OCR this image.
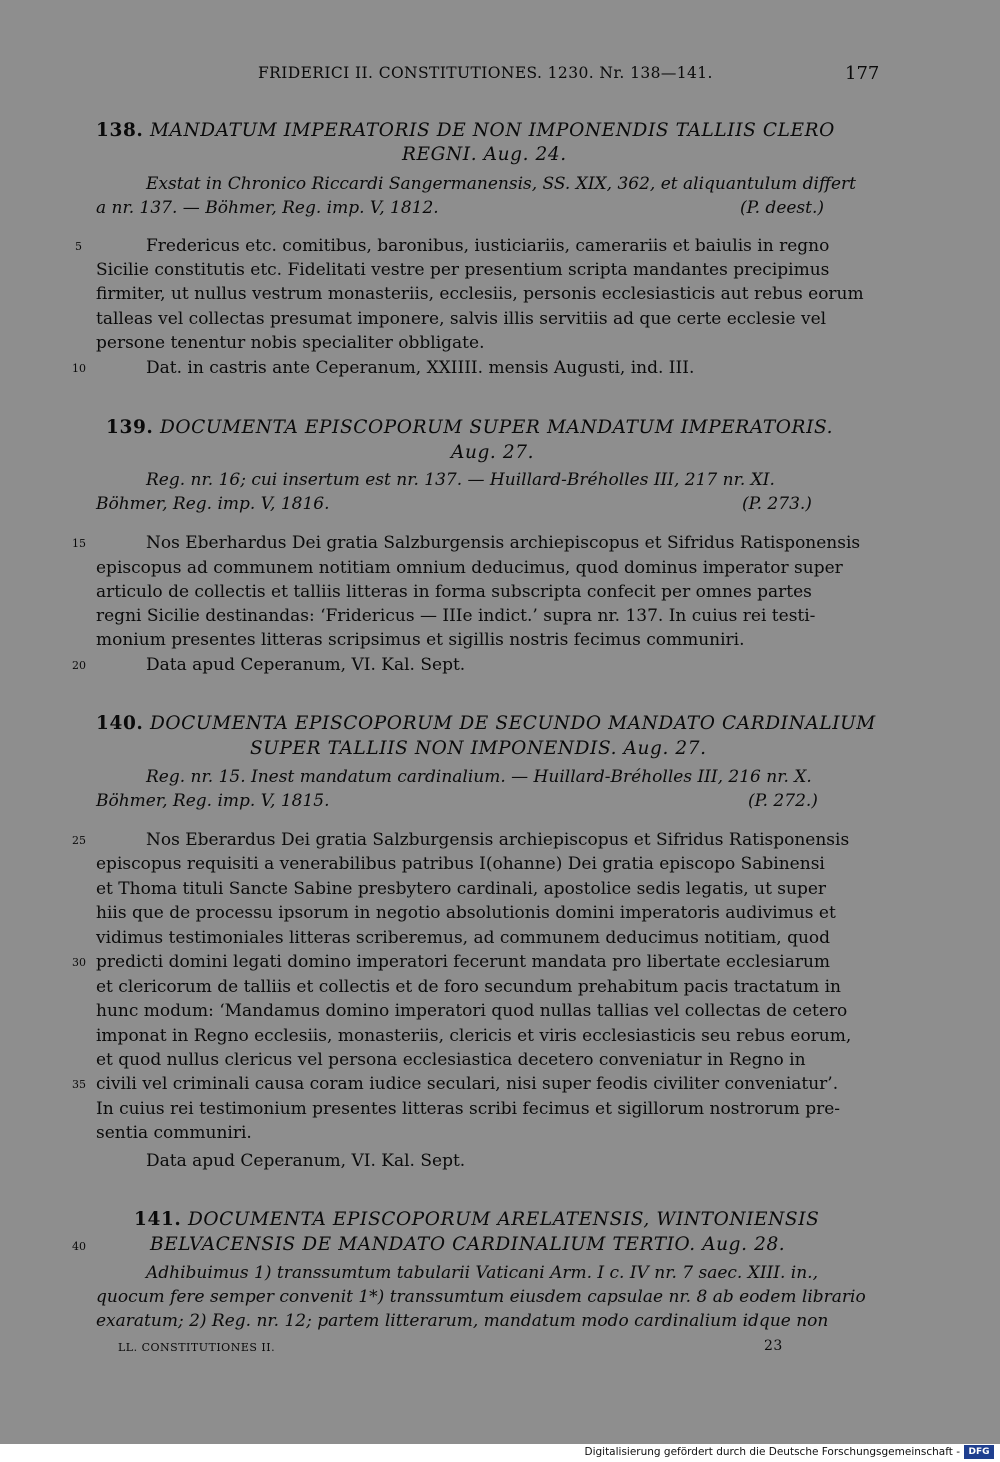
FRIDERICI II. CONSTITUTIONES. 1230. Nr. 138—141.	177
138. MANDATUM IMPERATORIS DE NON IMPONENDIS TALLIIS CLERO
REGNI. Aug. 24.
Exstat in Chronico Riccardi Sangermanensis, SS. XIX, 362, et aliquantulum differt
a nr. 137. — Böhmer, Reg. imp. V, 1812.	(P. deest.)
Fredericus etc. comitibus, baronibus, iusticiariis, camerariis et baiulis in regno
Sicilie constitutis etc. Fidelitati vestre per presentium scripta mandantes precipimus
firmiter, ut nullus vestrum monasteriis, ecclesiis, personis ecclesiasticis aut rebus eorum
talleas vel collectas presumat imponere, salvis illis servitiis ad que certe ecclesie vel
persone tenentur nobis specialiter obbligate.
Dat. in castris ante Ceperanum, XXIIII. mensis Augusti, ind. III.
139. DOCUMENTA EPISCOPORUM SUPER MANDATUM IMPERATORIS.
Aug. 27.
Reg. nr. 16; cui insertum est nr. 137. — Huillard-Bréholles III, 217 nr. XI.
Böhmer, Reg. imp. V, 1816.	(P. 273.)
Nos Eberhardus Dei gratia Salzburgensis archiepiscopus et Sifridus Ratisponensis
episcopus ad communem notitiam omnium deducimus, quod dominus imperator super
articulo de collectis et talliis litteras in forma subscripta confecit per omnes partes
regni Sicilie destinandas: ‘Fridericus — IIIe indict.’ supra nr. 137. In cuius rei testi-
monium presentes litteras scripsimus et sigillis nostris fecimus communiri.
Data apud Ceperanum, VI. Kal. Sept.
140. DOCUMENTA EPISCOPORUM DE SECUNDO MANDATO CARDINALIUM
SUPER TALLIIS NON IMPONENDIS. Aug. 27.
Reg. nr. 15. Inest mandatum cardinalium. — Huillard-Bréholles III, 216 nr. X.
Böhmer, Reg. imp. V, 1815.	(P. 272.)
Nos Eberardus Dei gratia Salzburgensis archiepiscopus et Sifridus Ratisponensis
episcopus requisiti a venerabilibus patribus I(ohanne) Dei gratia episcopo Sabinensi
et Thoma tituli Sancte Sabine presbytero cardinali, apostolice sedis legatis, ut super
hiis que de processu ipsorum in negotio absolutionis domini imperatoris audivimus et
vidimus testimoniales litteras scriberemus, ad communem deducimus notitiam, quod
predicti domini legati domino imperatori fecerunt mandata pro libertate ecclesiarum
et clericorum de talliis et collectis et de foro secundum prehabitum pacis tractatum in
hunc modum: ‘Mandamus domino imperatori quod nullas tallias vel collectas de cetero
imponat in Regno ecclesiis, monasteriis, clericis et viris ecclesiasticis seu rebus eorum,
et quod nullus clericus vel persona ecclesiastica decetero conveniatur in Regno in
civili vel criminali causa coram iudice seculari, nisi super feodis civiliter conveniatur’.
In cuius rei testimonium presentes litteras scribi fecimus et sigillorum nostrorum pre-
sentia communiri.
Data apud Ceperanum, VI. Kal. Sept.
141. DOCUMENTA EPISCOPORUM ARELATENSIS, WINTONIENSIS
BELVACENSIS DE MANDATO CARDINALIUM TERTIO. Aug. 28.
Adhibuimus 1) transsumtum tabularii Vaticani Arm. I c. IV nr. 7 saec. XIII. in.,
quocum fere semper convenit 1*) transsumtum eiusdem capsulae nr. 8 ab eodem librario
exaratum; 2) Reg. nr. 12; partem litterarum, mandatum modo cardinalium idque non
5
10
15
20
25
30
35
40
LL. CONSTITUTIONES II.	23
Digitalisierung gefördert durch die Deutsche Forschungsgemeinschaft - DFG
